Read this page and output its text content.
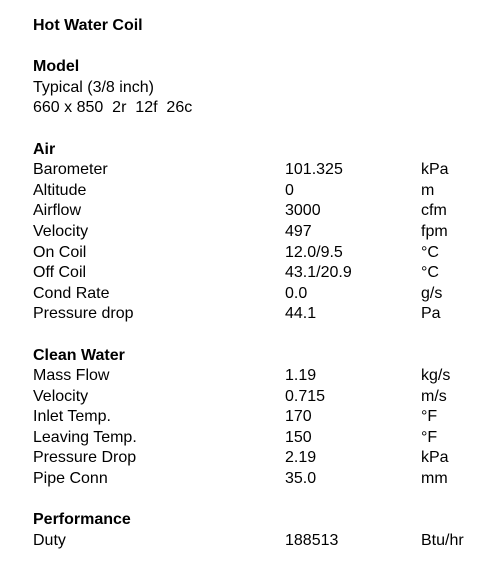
Hot Water Coil
Model
Typical (3/8 inch)
660 x 850  2r  12f  26c
Air
Barometer	101.325	kPa
Altitude	0	m
Airflow	3000	cfm
Velocity	497	fpm
On Coil	12.0/9.5	°C
Off Coil	43.1/20.9	°C
Cond Rate	0.0	g/s
Pressure drop	44.1	Pa
Clean Water
Mass Flow	1.19	kg/s
Velocity	0.715	m/s
Inlet Temp.	170	°F
Leaving Temp.	150	°F
Pressure Drop	2.19	kPa
Pipe Conn	35.0	mm
Performance
Duty	188513	Btu/hr
